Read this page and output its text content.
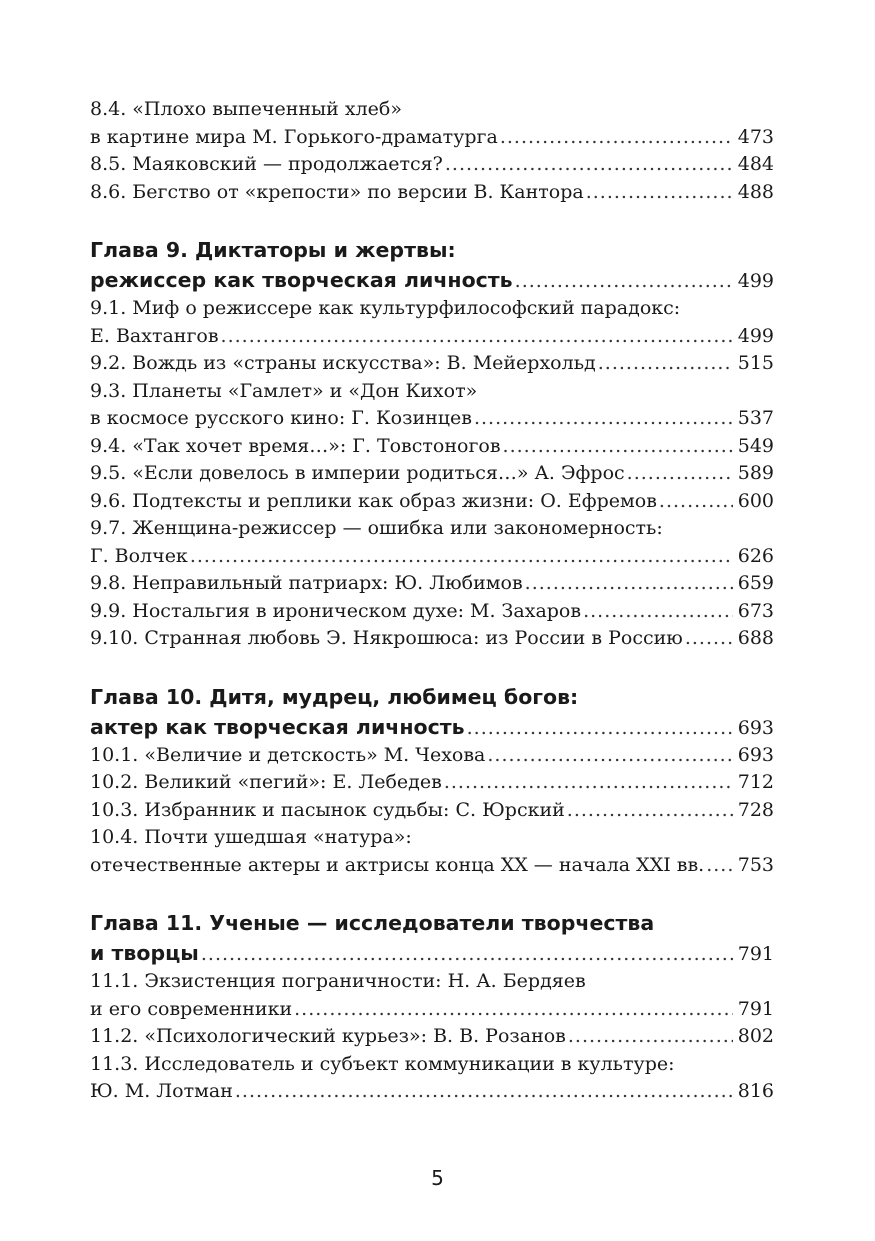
8.4. «Плохо выпеченный хлеб»
в картине мира М. Горького-драматурга .....	473
8.5. Маяковский — продолжается? .....	484
8.6. Бегство от «крепости» по версии В. Кантора .....	488
Глава 9. Диктаторы и жертвы:
режиссер как творческая личность .....	499
9.1. Миф о режиссере как культурфилософский парадокс:
Е. Вахтангов .....	499
9.2. Вождь из «страны искусства»: В. Мейерхольд .....	515
9.3. Планеты «Гамлет» и «Дон Кихот»
в космосе русского кино: Г. Козинцев .....	537
9.4. «Так хочет время…»: Г. Товстоногов .....	549
9.5. «Если довелось в империи родиться…» А. Эфрос .....	589
9.6. Подтексты и реплики как образ жизни: О. Ефремов .....	600
9.7. Женщина-режиссер — ошибка или закономерность:
Г. Волчек .....	626
9.8. Неправильный патриарх: Ю. Любимов .....	659
9.9. Ностальгия в ироническом духе: М. Захаров .....	673
9.10. Странная любовь Э. Някрошюса: из России в Россию .....	688
Глава 10. Дитя, мудрец, любимец богов:
актер как творческая личность .....	693
10.1. «Величие и детскость» М. Чехова .....	693
10.2. Великий «пегий»: Е. Лебедев .....	712
10.3. Избранник и пасынок судьбы: С. Юрский .....	728
10.4. Почти ушедшая «натура»:
отечественные актеры и актрисы конца XX — начала XXI вв. ..... 753
Глава 11. Ученые — исследователи творчества
и творцы .....	791
11.1. Экзистенция пограничности: Н. А. Бердяев
и его современники .....	791
11.2. «Психологический курьез»: В. В. Розанов .....	802
11.3. Исследователь и субъект коммуникации в культуре:
Ю. М. Лотман .....	816
5
